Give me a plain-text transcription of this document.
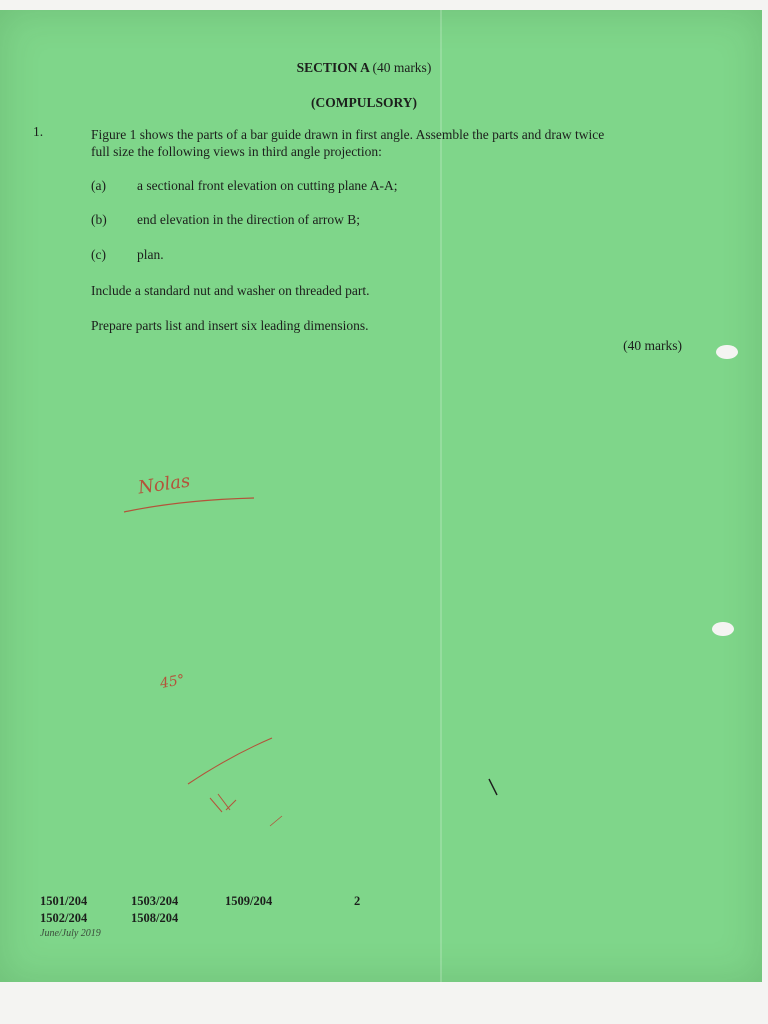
SECTION A (40 marks)
(COMPULSORY)
1.	Figure 1 shows the parts of a bar guide drawn in first angle. Assemble the parts and draw twice
full size the following views in third angle projection:
(a) a sectional front elevation on cutting plane A-A;
(b) end elevation in the direction of arrow B;
(c) plan.
Include a standard nut and washer on threaded part.
Prepare parts list and insert six leading dimensions.
(40 marks)
Nolas
45°
1501/204	1503/204	1509/204	2
1502/204	1508/204
June/July 2019
